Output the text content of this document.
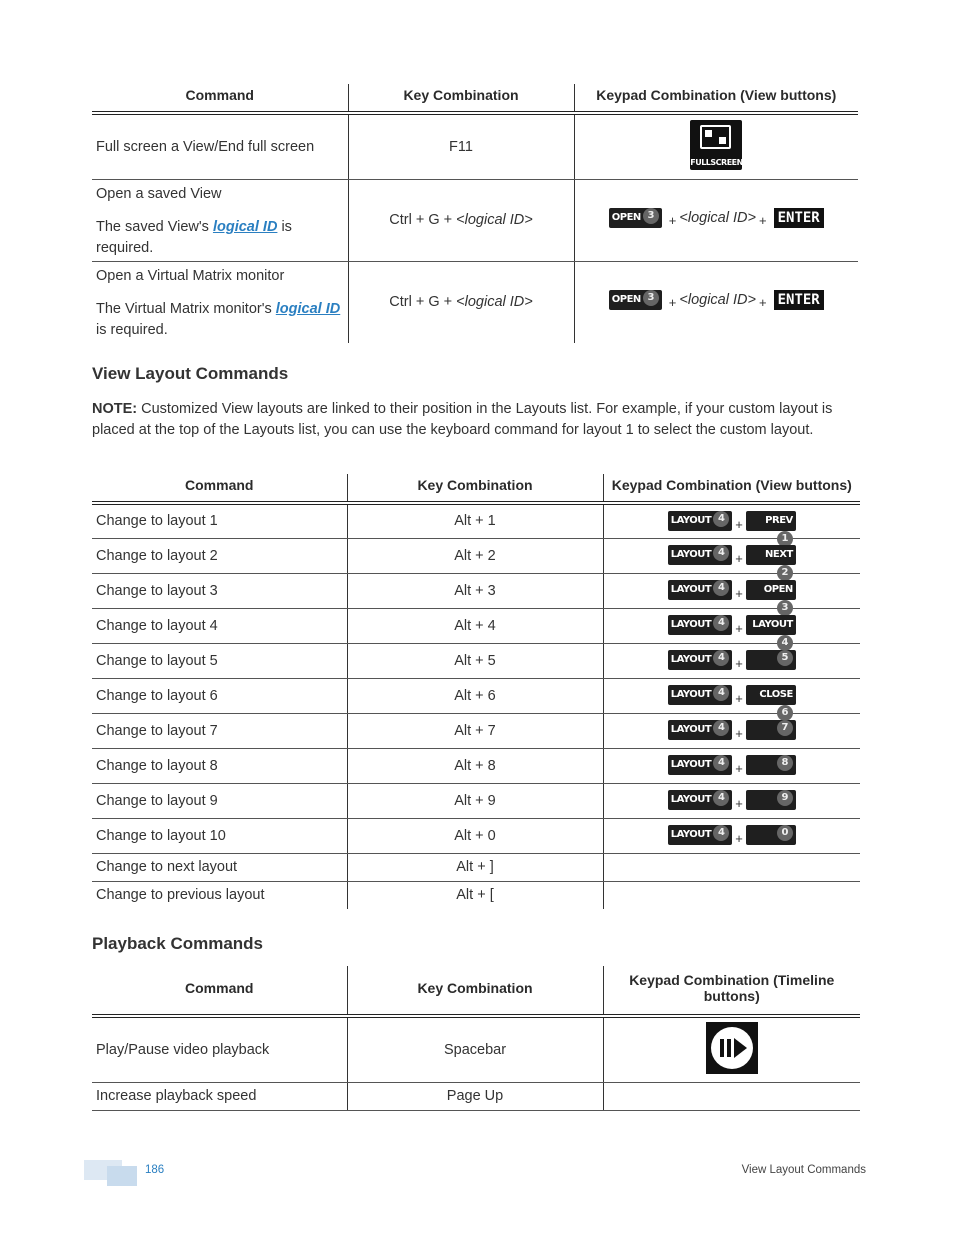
Command	Key Combination	Keypad Combination (View buttons)
Full screen a View/End full screen	F11	FULLSCREEN

Open a saved View
The saved View's logical ID is required.	Ctrl + G + <logical ID>	OPEN 3 + <logical ID> + ENTER

Open a Virtual Matrix monitor
The Virtual Matrix monitor's logical ID is required.	Ctrl + G + <logical ID>	OPEN 3 + <logical ID> + ENTER
View Layout Commands
NOTE: Customized View layouts are linked to their position in the Layouts list. For example, if your custom layout is placed at the top of the Layouts list, you can use the keyboard command for layout 1 to select the custom layout.
Command	Key Combination	Keypad Combination (View buttons)
Change to layout 1	Alt + 1	LAYOUT 4 + PREV1
Change to layout 2	Alt + 2	LAYOUT 4 + NEXT2
Change to layout 3	Alt + 3	LAYOUT 4 + OPEN3
Change to layout 4	Alt + 4	LAYOUT 4 + LAYOUT4
Change to layout 5	Alt + 5	LAYOUT 4 + 5
Change to layout 6	Alt + 6	LAYOUT 4 + CLOSE6
Change to layout 7	Alt + 7	LAYOUT 4 + 7
Change to layout 8	Alt + 8	LAYOUT 4 + 8
Change to layout 9	Alt + 9	LAYOUT 4 + 9
Change to layout 10	Alt + 0	LAYOUT 4 + 0
Change to next layout	Alt + ]	
Change to previous layout	Alt + [	
Playback Commands
Command	Key Combination	Keypad Combination (Timeline buttons)
Play/Pause video playback	Spacebar	

Increase playback speed	Page Up	
186	View Layout Commands
